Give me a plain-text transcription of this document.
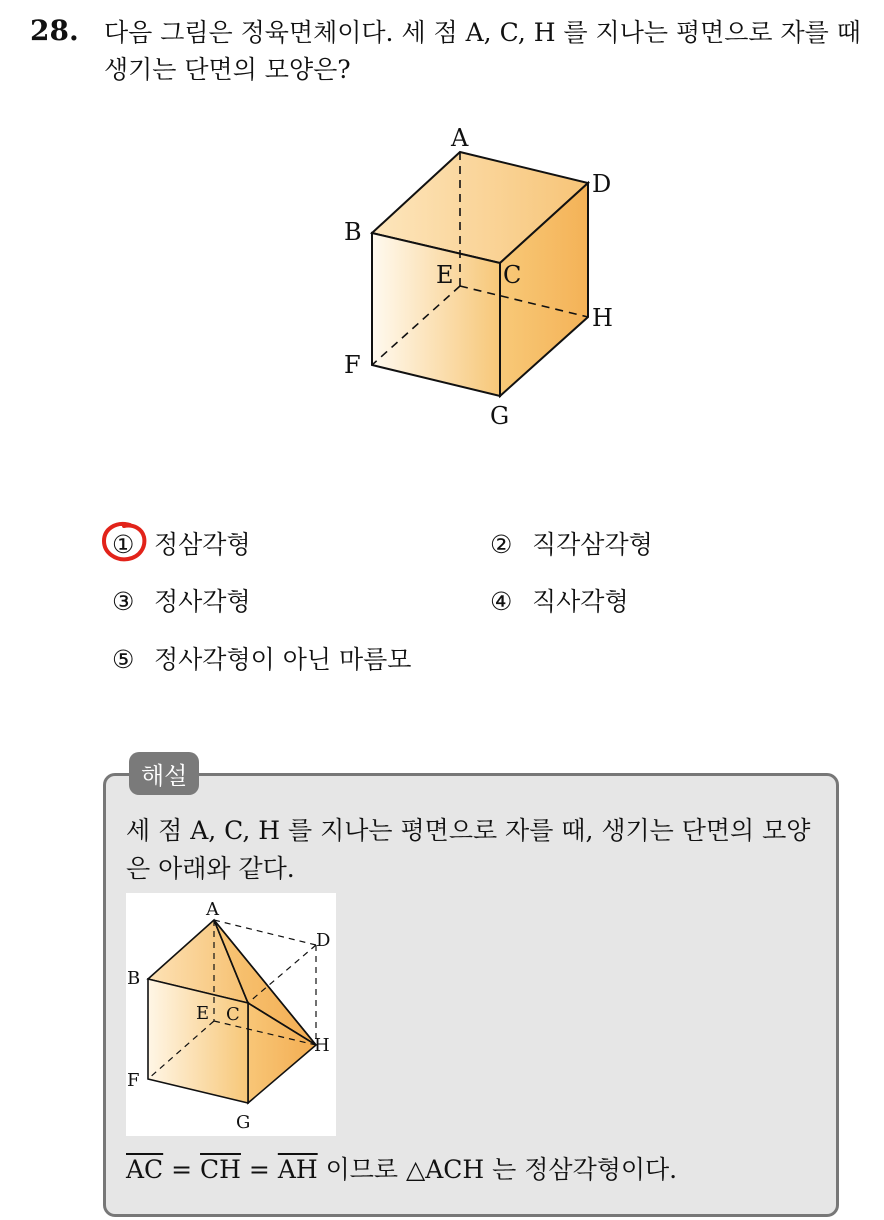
28. 다음 그림은 정육면체이다. 세 점 A, C, H 를 지나는 평면으로 자를 때 생기는 단면의 모양은?
A
D
B
C
E
H
F
G
① 정삼각형	② 직각삼각형
③ 정사각형	④ 직사각형
⑤ 정사각형이 아닌 마름모
해설
세 점 A, C, H 를 지나는 평면으로 자를 때, 생기는 단면의 모양은 아래와 같다.
A
D
B
E C
H
F
G
$\overline{AC} = \overline{CH} = \overline{AH}$ 이므로 △ACH 는 정삼각형이다.
